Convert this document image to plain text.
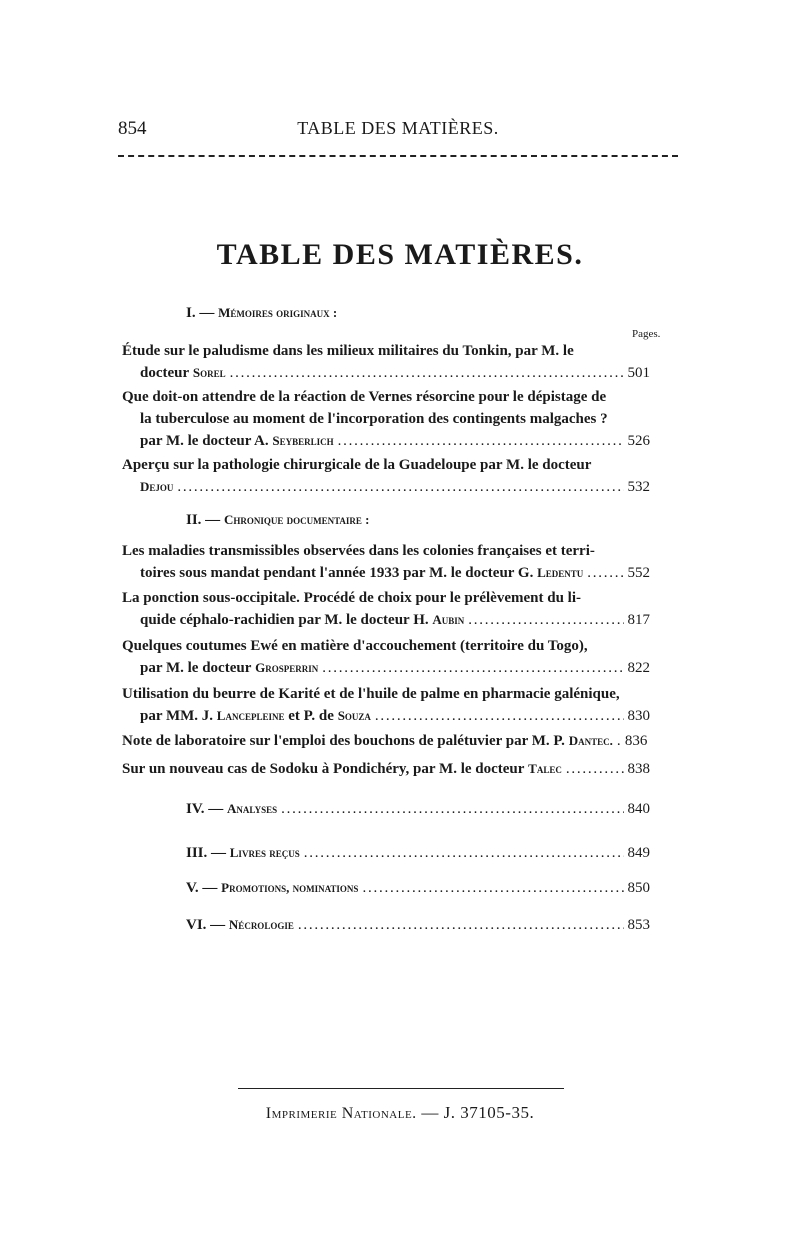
854	TABLE DES MATIÈRES.
TABLE DES MATIÈRES.
I. — Mémoires originaux :
Pages.
Étude sur le paludisme dans les milieux militaires du Tonkin, par M. le
docteur
Sorel . . .	501
Que doit-on attendre de la réaction de Vernes résorcine pour le dépistage de
la tuberculose au moment de l'incorporation des contingents malgaches ?
par M. le docteur A.
Seyberlich . . .	526
Aperçu sur la pathologie chirurgicale de la Guadeloupe par M. le docteur
Dejou . . .	532
II. — Chronique documentaire :
Les maladies transmissibles observées dans les colonies françaises et terri-
toires sous mandat pendant l'année 1933 par M. le docteur G.
Ledentu . . .	552
La ponction sous-occipitale. Procédé de choix pour le prélèvement du li-
quide céphalo-rachidien par M. le docteur H.
Aubin . . .	817
Quelques coutumes Ewé en matière d'accouchement (territoire du Togo),
par M. le docteur
Grosperrin . . .	822
Utilisation du beurre de Karité et de l'huile de palme en pharmacie galénique,
par MM. J.
Lancepleine
et P. de
Souza . . .	830
Note de laboratoire sur l'emploi des bouchons de palétuvier par M. P.
Dantec. . . . 836
Sur un nouveau cas de Sodoku à Pondichéry, par M. le docteur
Talec . . .	838
IV. — Analyses . . .	840
III. — Livres reçus . . .	849
V. — Promotions, nominations . . .	850
VI. — Nécrologie . . .	853
Imprimerie Nationale. — J. 37105-35.
